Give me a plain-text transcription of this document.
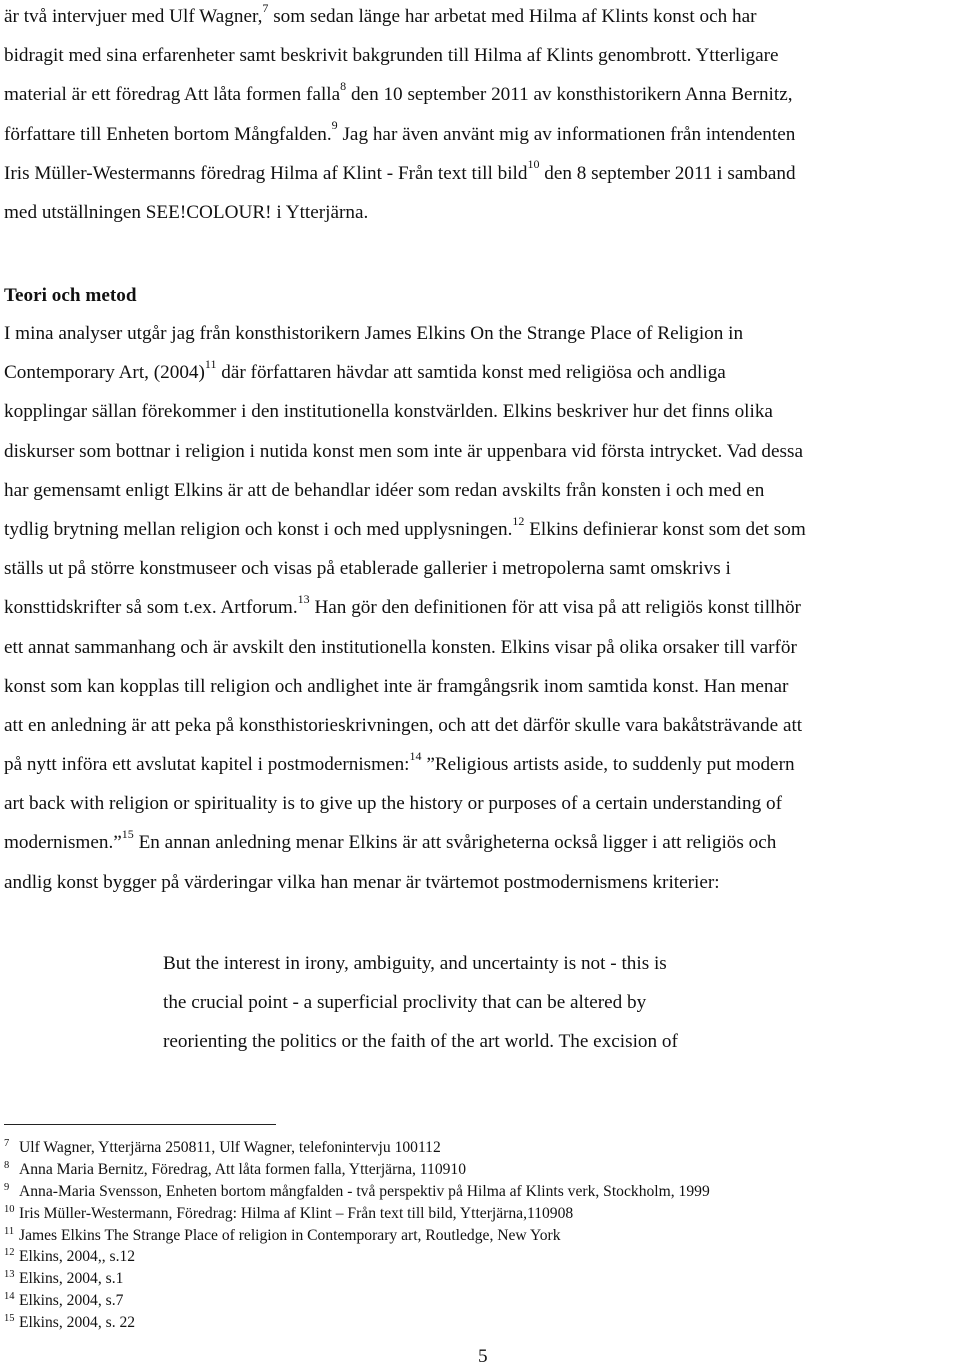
är två intervjuer med Ulf Wagner,$^7$ som sedan länge har arbetat med Hilma af Klints konst och har
bidragit med sina erfarenheter samt beskrivit bakgrunden till Hilma af Klints genombrott. Ytterligare
material är ett föredrag Att låta formen falla$^8$ den 10 september 2011 av konsthistorikern Anna Bernitz,
författare till Enheten bortom Mångfalden.$^9$ Jag har även använt mig av informationen från intendenten
Iris Müller-Westermanns föredrag Hilma af Klint - Från text till bild$^{10}$ den 8 september 2011 i samband
med utställningen SEE!COLOUR! i Ytterjärna.
Teori och metod
I mina analyser utgår jag från konsthistorikern James Elkins On the Strange Place of Religion in
Contemporary Art, $(2004)^{11}$ där författaren hävdar att samtida konst med religiösa och andliga
kopplingar sällan förekommer i den institutionella konstvärlden. Elkins beskriver hur det finns olika
diskurser som bottnar i religion i nutida konst men som inte är uppenbara vid första intrycket. Vad dessa
har gemensamt enligt Elkins är att de behandlar idéer som redan avskilts från konsten i och med en
tydlig brytning mellan religion och konst i och med upplysningen.$^{12}$ Elkins definierar konst som det som
ställs ut på större konstmuseer och visas på etablerade gallerier i metropolerna samt omskrivs i
konsttidskrifter så som t.ex. Artforum.$^{13}$ Han gör den definitionen för att visa på att religiös konst tillhör
ett annat sammanhang och är avskilt den institutionella konsten. Elkins visar på olika orsaker till varför
konst som kan kopplas till religion och andlighet inte är framgångsrik inom samtida konst. Han menar
att en anledning är att peka på konsthistorieskrivningen, och att det därför skulle vara bakåtsträvande att
på nytt införa ett avslutat kapitel i postmodernismen:$^{14}$ ”Religious artists aside, to suddenly put modern
art back with religion or spirituality is to give up the history or purposes of a certain understanding of
modernismen.”$^{15}$ En annan anledning menar Elkins är att svårigheterna också ligger i att religiös och
andlig konst bygger på värderingar vilka han menar är tvärtemot postmodernismens kriterier:
But the interest in irony, ambiguity, and uncertainty is not - this is
the crucial point - a superficial proclivity that can be altered by
reorienting the politics or the faith of the art world. The excision of
7 Ulf Wagner, Ytterjärna 250811, Ulf Wagner, telefonintervju 100112
8 Anna Maria Bernitz, Föredrag, Att låta formen falla, Ytterjärna, 110910
9 Anna-Maria Svensson, Enheten bortom mångfalden - två perspektiv på Hilma af Klints verk, Stockholm, 1999
10 Iris Müller-Westermann, Föredrag: Hilma af Klint – Från text till bild, Ytterjärna,110908
11 James Elkins The Strange Place of religion in Contemporary art, Routledge, New York
12 Elkins, 2004,, s.12
13 Elkins, 2004, s.1
14 Elkins, 2004, s.7
15 Elkins, 2004, s. 22
5
